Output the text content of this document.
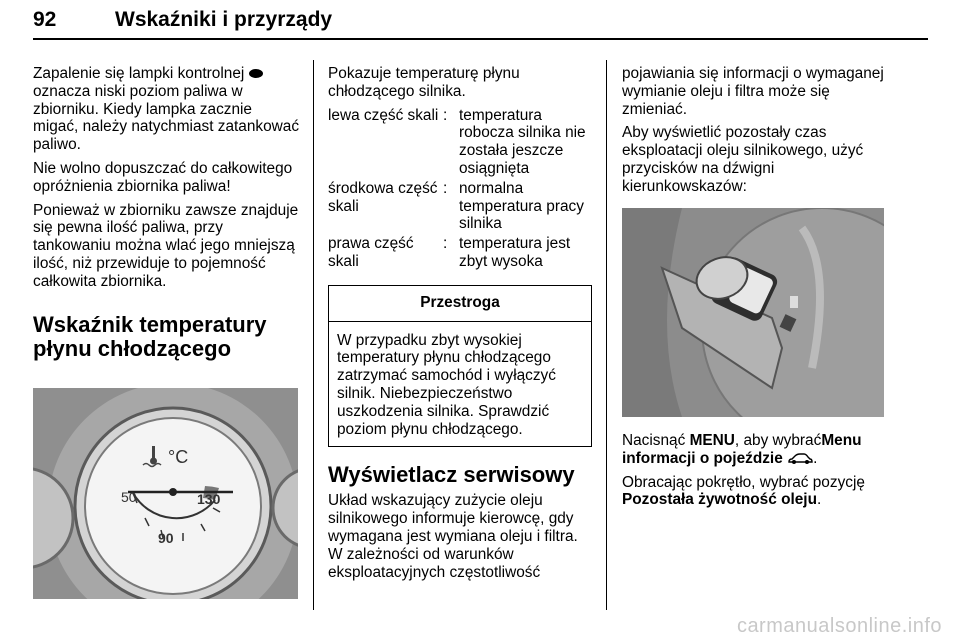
92	Wskaźniki i przyrządy

Zapalenie się lampki kontrolnej
oznacza niski poziom paliwa w zbiorniku. Kiedy lampka zacznie migać, należy natychmiast zatankować paliwo.

Nie wolno dopuszczać do całkowitego opróżnienia zbiornika paliwa!

Ponieważ w zbiorniku zawsze znajduje się pewna ilość paliwa, przy tankowaniu można wlać jego mniejszą ilość, niż przewiduje to pojemność całkowita zbiornika.

Wskaźnik temperatury płynu chłodzącego
°C
50	130
90

Pokazuje temperaturę płynu chłodzącego silnika.

lewa część skali : temperatura robocza silnika nie została jeszcze osiągnięta
środkowa część skali
: normalna temperatura pracy silnika
prawa część skali
: temperatura jest zbyt wysoka
Przestroga
W przypadku zbyt wysokiej temperatury płynu chłodzącego zatrzymać samochód i wyłączyć silnik. Niebezpieczeństwo uszkodzenia silnika. Sprawdzić poziom płynu chłodzącego.
Wyświetlacz serwisowy

Układ wskazujący zużycie oleju silnikowego informuje kierowcę, gdy wymagana jest wymiana oleju i filtra. W zależności od warunków eksploatacyjnych częstotliwość

pojawiania się informacji o wymaganej wymianie oleju i filtra może się zmieniać.

Aby wyświetlić pozostały czas eksploatacji oleju silnikowego, użyć przycisków na dźwigni kierunkowskazów:

Nacisnąć MENU, aby wybraćMenu informacji o pojeździe .

Obracając pokrętło, wybrać pozycję Pozostała żywotność oleju.

carmanualsonline.info
